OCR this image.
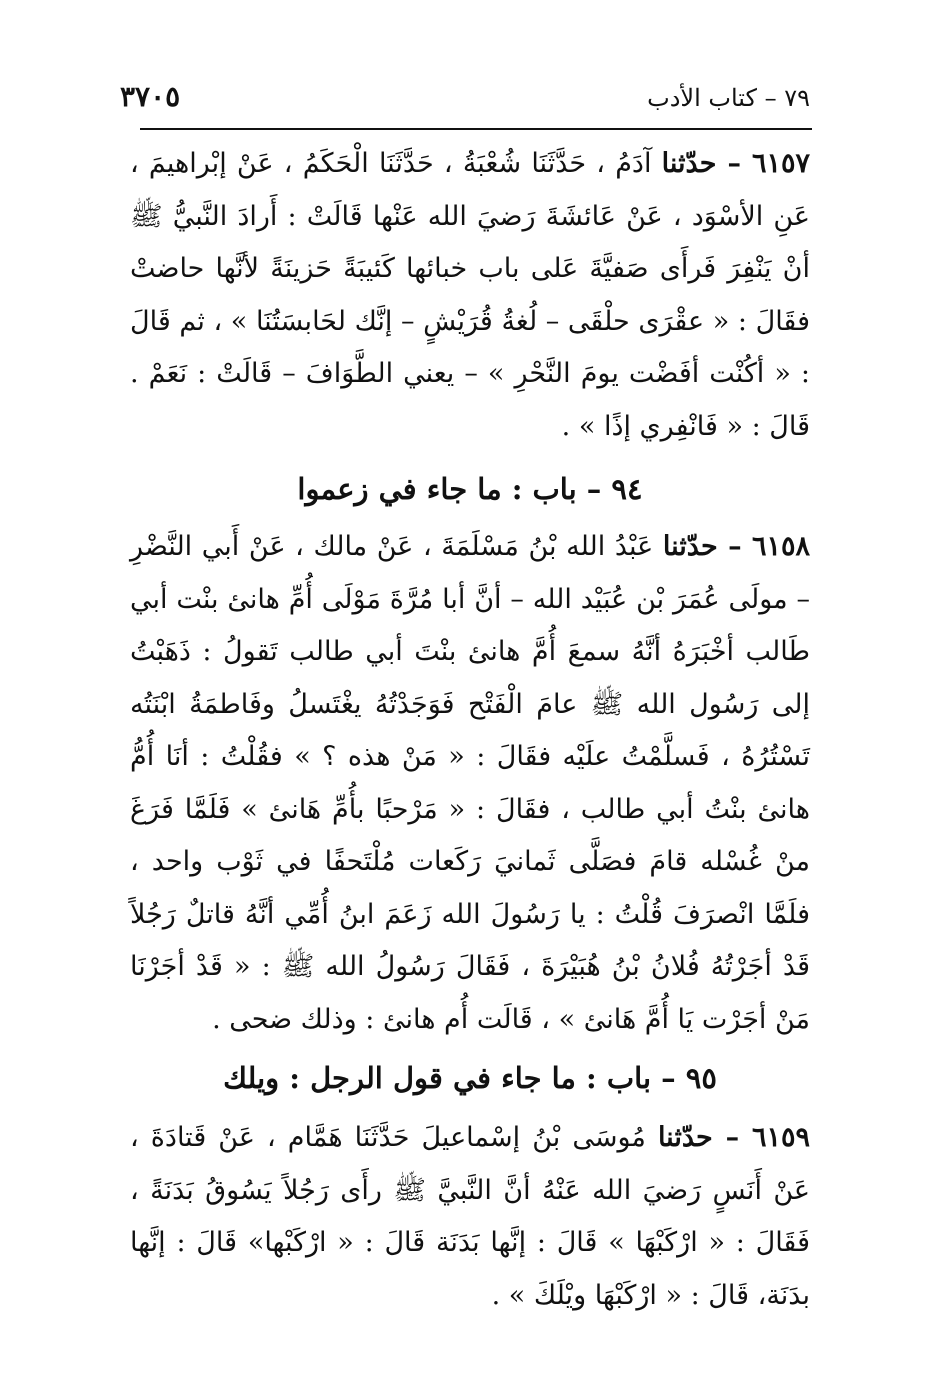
٧٩ – كتاب الأدب
٣٧٠٥

٦١٥٧ – حدّثنا آدَمُ ، حَدَّثَنَا شُعْبَةُ ، حَدَّثَنَا الْحَكَمُ ، عَنْ إبْراهيمَ ، عَنِ الأسْوَد ، عَنْ عَائشَةَ رَضيَ الله عَنْها قَالَتْ : أَرادَ النَّبيُّ ﷺ أنْ يَنْفِرَ فَرأَى صَفيَّةَ عَلى باب خبائها كَئيبَةً حَزينَةً لأنَّها حاضتْ فقَالَ : « عقْرَى حلْقَى – لُغةُ قُرَيْشٍ – إنَّك لحَابسَتُنَا » ، ثم قَالَ : « أكُنْت أفَضْت يومَ النَّحْرِ » – يعني الطَّوَافَ – قَالَتْ : نَعَمْ . قَالَ : « فَانْفِري إذًا » .

٩٤ – باب : ما جاء في زعموا

٦١٥٨ – حدّثنا عَبْدُ الله بْنُ مَسْلَمَةَ ، عَنْ مالك ، عَنْ أَبي النَّضْرِ – مولَى عُمَرَ بْن عُبَيْد الله – أنَّ أبا مُرَّةَ مَوْلَى أُمِّ هانئ بنْت أبي طَالب أخْبَرَهُ أنَّهُ سمعَ أُمَّ هانئ بنْتَ أبي طالب تَقولُ : ذَهَبْتُ إلى رَسُول الله ﷺ عامَ الْفَتْح فَوَجَدْتُهُ يغْتَسلُ وفَاطمَةُ ابْنَتُه تَسْتُرُهُ ، فَسلَّمْتُ علَيْه فقَالَ : « مَنْ هذه ؟ » فقُلْتُ : أنَا أُمُّ هانئ بنْتُ أبي طالب ، فقَالَ : « مَرْحبًا بأُمِّ هَانئ » فَلَمَّا فَرَغَ منْ غُسْله قامَ فصَلَّى ثَمانيَ رَكَعات مُلْتَحفًا في ثَوْب واحد ، فلَمَّا انْصرَفَ قُلْتُ : يا رَسُولَ الله زَعَمَ ابنُ أُمِّي أنَّهُ قاتلٌ رَجُلاً قَدْ أجَرْتُهُ فُلانُ بْنُ هُبَيْرَةَ ، فَقَالَ رَسُولُ الله ﷺ : « قَدْ أجَرْنَا مَنْ أجَرْت يَا أُمَّ هَانئ » ، قَالَت أُم هانئ : وذلك ضحى .

٩٥ – باب : ما جاء في قول الرجل : ويلك

٦١٥٩ – حدّثنا مُوسَى بْنُ إسْماعيلَ حَدَّثَنَا هَمَّام ، عَنْ قَتادَةَ ، عَنْ أَنَسٍ رَضيَ الله عَنْهُ أنَّ النَّبيَّ ﷺ رأَى رَجُلاً يَسُوقُ بَدَنَةً ، فَقَالَ : « ارْكَبْهَا » قَالَ : إنَّها بَدَنَة قَالَ : « ارْكَبْها» قَالَ : إنَّها بدَنَة، قَالَ : « ارْكَبْهَا ويْلَكَ » .
